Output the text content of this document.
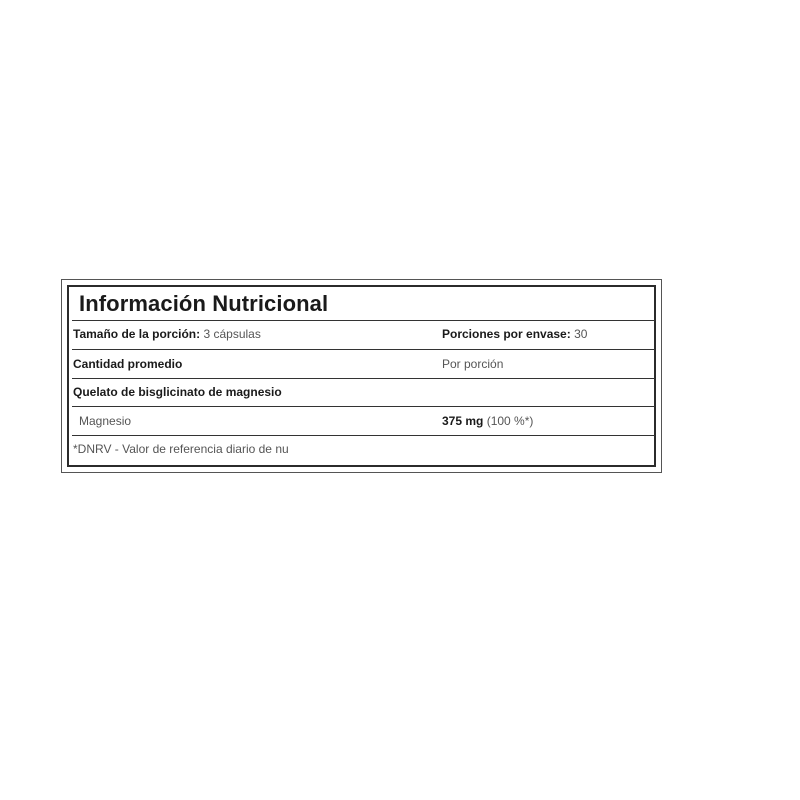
Información Nutricional
Tamaño de la porción: 3 cápsulas	Porciones por envase: 30
Cantidad promedio	Por porción
Quelato de bisglicinato de magnesio
Magnesio	375 mg (100 %*)
*DNRV - Valor de referencia diario de nu
